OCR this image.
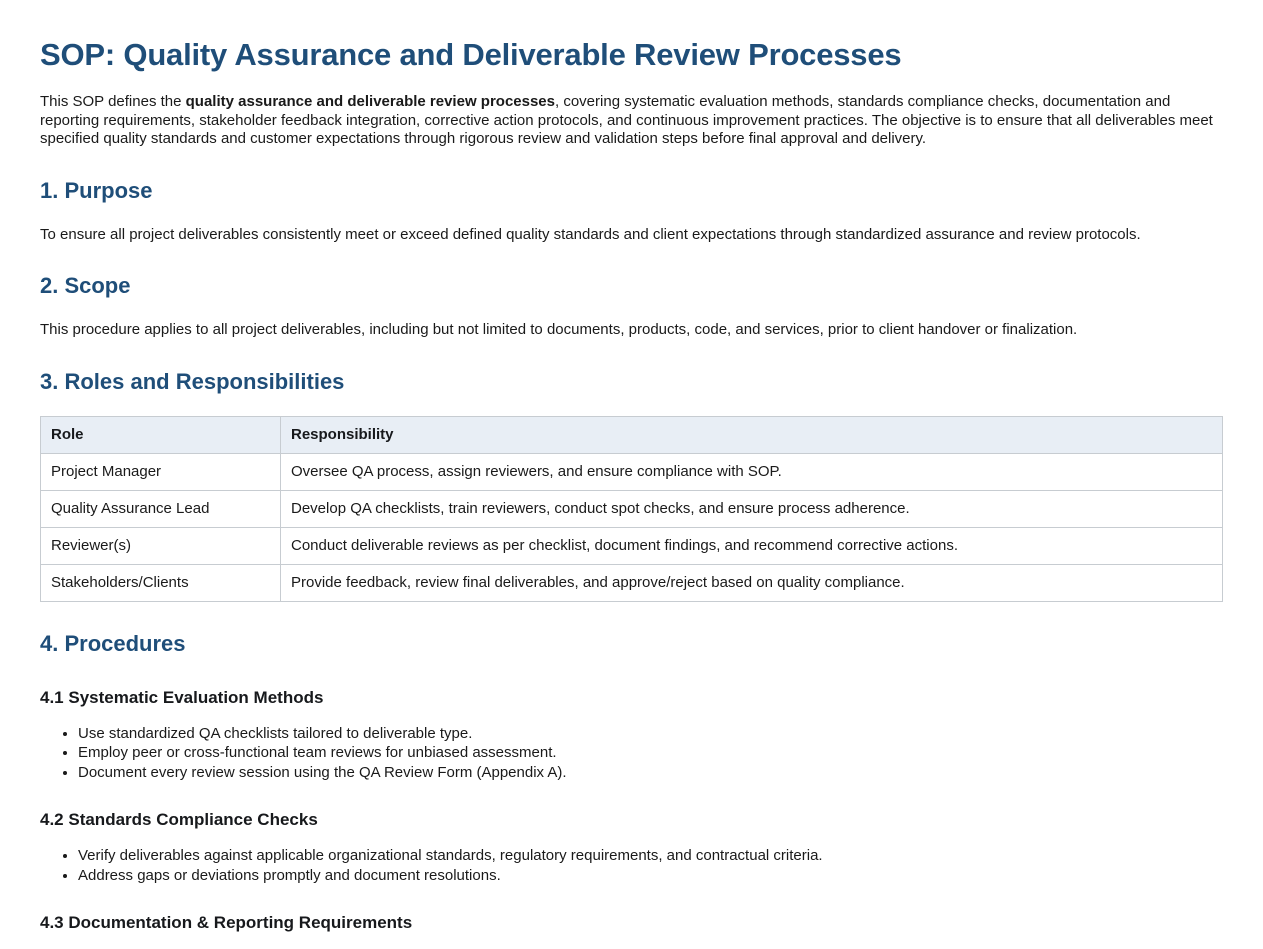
SOP: Quality Assurance and Deliverable Review Processes

This SOP defines the quality assurance and deliverable review processes, covering systematic evaluation methods, standards compliance checks, documentation and reporting requirements, stakeholder feedback integration, corrective action protocols, and continuous improvement practices. The objective is to ensure that all deliverables meet specified quality standards and customer expectations through rigorous review and validation steps before final approval and delivery.

1. Purpose

To ensure all project deliverables consistently meet or exceed defined quality standards and client expectations through standardized assurance and review protocols.

2. Scope

This procedure applies to all project deliverables, including but not limited to documents, products, code, and services, prior to client handover or finalization.

3. Roles and Responsibilities
Role	Responsibility
Project Manager	Oversee QA process, assign reviewers, and ensure compliance with SOP.
Quality Assurance Lead	Develop QA checklists, train reviewers, conduct spot checks, and ensure process adherence.
Reviewer(s)	Conduct deliverable reviews as per checklist, document findings, and recommend corrective actions.
Stakeholders/Clients	Provide feedback, review final deliverables, and approve/reject based on quality compliance.
4. Procedures
4.1 Systematic Evaluation Methods
• Use standardized QA checklists tailored to deliverable type.
• Employ peer or cross-functional team reviews for unbiased assessment.
• Document every review session using the QA Review Form (Appendix A).
4.2 Standards Compliance Checks
• Verify deliverables against applicable organizational standards, regulatory requirements, and contractual criteria.
• Address gaps or deviations promptly and document resolutions.
4.3 Documentation & Reporting Requirements
